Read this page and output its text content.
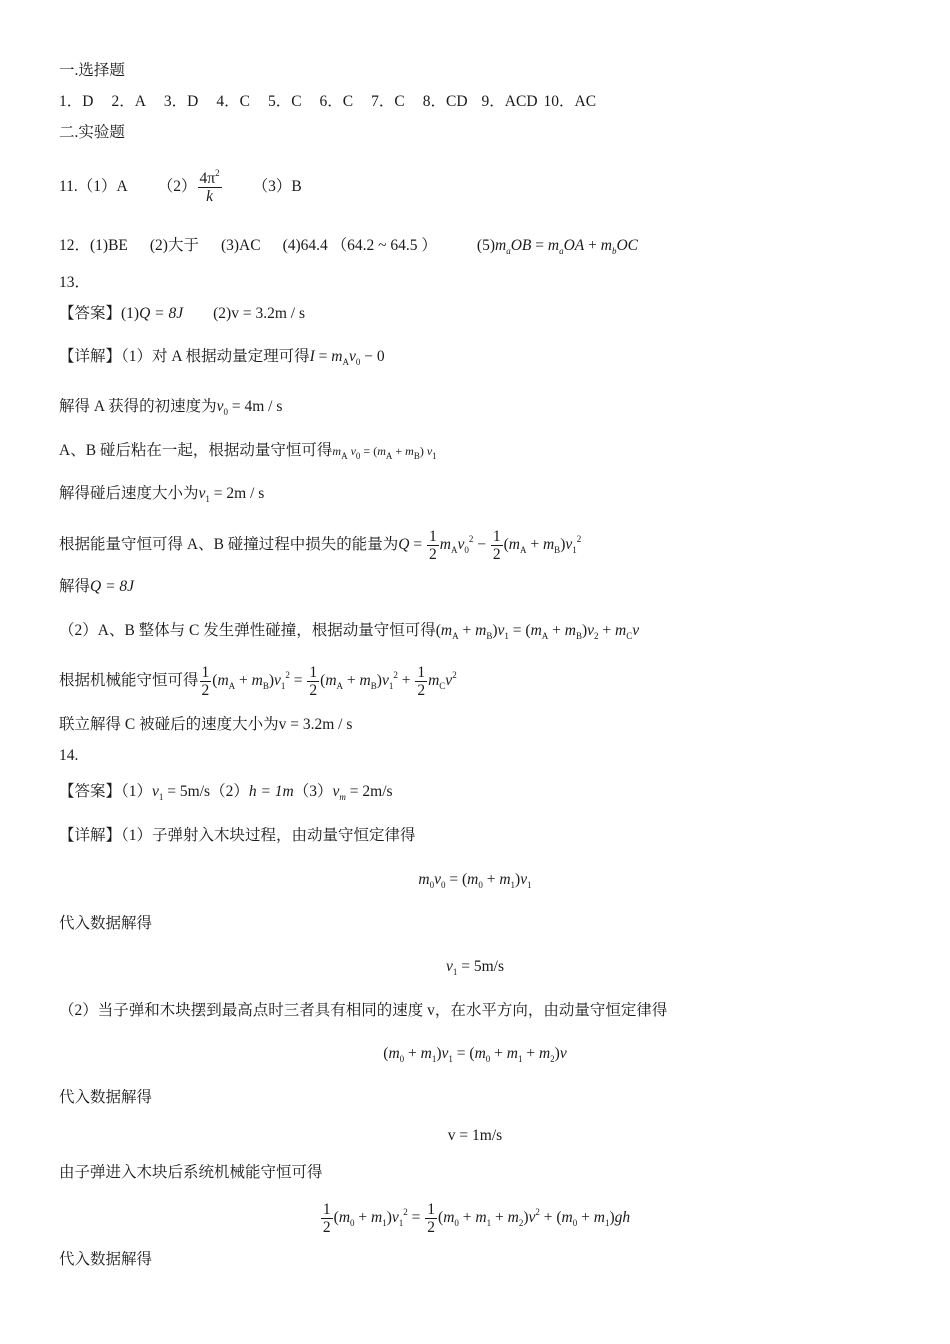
一.选择题
1．D 2．A 3．D 4．C 5．C 6．C 7．C 8．CD 9．ACD 10．AC
二.实验题
11.（1）A $(2) \frac{4\pi^2}{k} (3)B$
12．(1)BE (2)大于 (3)AC (4)64.4 （64.2 ~ 64.5 ）	$(5)m_aOB = m_aOA + m_bOC$
13．
【答案】(1)Q = 8J (2)v = 3.2m / s
【详解】（1）对 A 根据动量定理可得$I = m_Av_0 - 0$
解得 A 获得的初速度为$v_0 = 4m / s$
A、B 碰后粘在一起，根据动量守恒可得$m_A$ $v_0 = (m_A + m_B)$ $v_1$
解得碰后速度大小为$v_1 = 2m / s$
根据能量守恒可得 A、B 碰撞过程中损失的能量为$Q = \frac{1}{2} m_Av_0^2 - \frac{1}{2} (m_A + m_B)v_1^2$
解得Q = 8J
（2）A、B 整体与 C 发生弹性碰撞，根据动量守恒可得$(m_A + m_B)v_1 = (m_A + m_B)v_2 + m_Cv$
根据机械能守恒可得 $\frac{1}{2} (m_A + m_B)v_1^2 = \frac{1}{2} (m_A + m_B)v_1^2 + \frac{1}{2} m_Cv^2$
联立解得 C 被碰后的速度大小为v = 3.2m / s
14.
【答案】$(1)v_1 = 5m/s(2)h = 1m(3)v_m = 2m/s$
【详解】（1）子弹射入木块过程，由动量守恒定律得
$m_0v_0 = (m_0 + m_1)v_1$
代入数据解得
$v_1 = 5m/s$
（2）当子弹和木块摆到最高点时三者具有相同的速度 v，在水平方向，由动量守恒定律得
$(m_0 + m_1)v_1 = (m_0 + m_1 + m_2)v$
代入数据解得
v = 1m/s
由子弹进入木块后系统机械能守恒可得
$\frac{1}{2} (m_0 + m_1)v_1^2 = \frac{1}{2} (m_0 + m_1 + m_2)v^2 + (m_0 + m_1)gh$
代入数据解得
